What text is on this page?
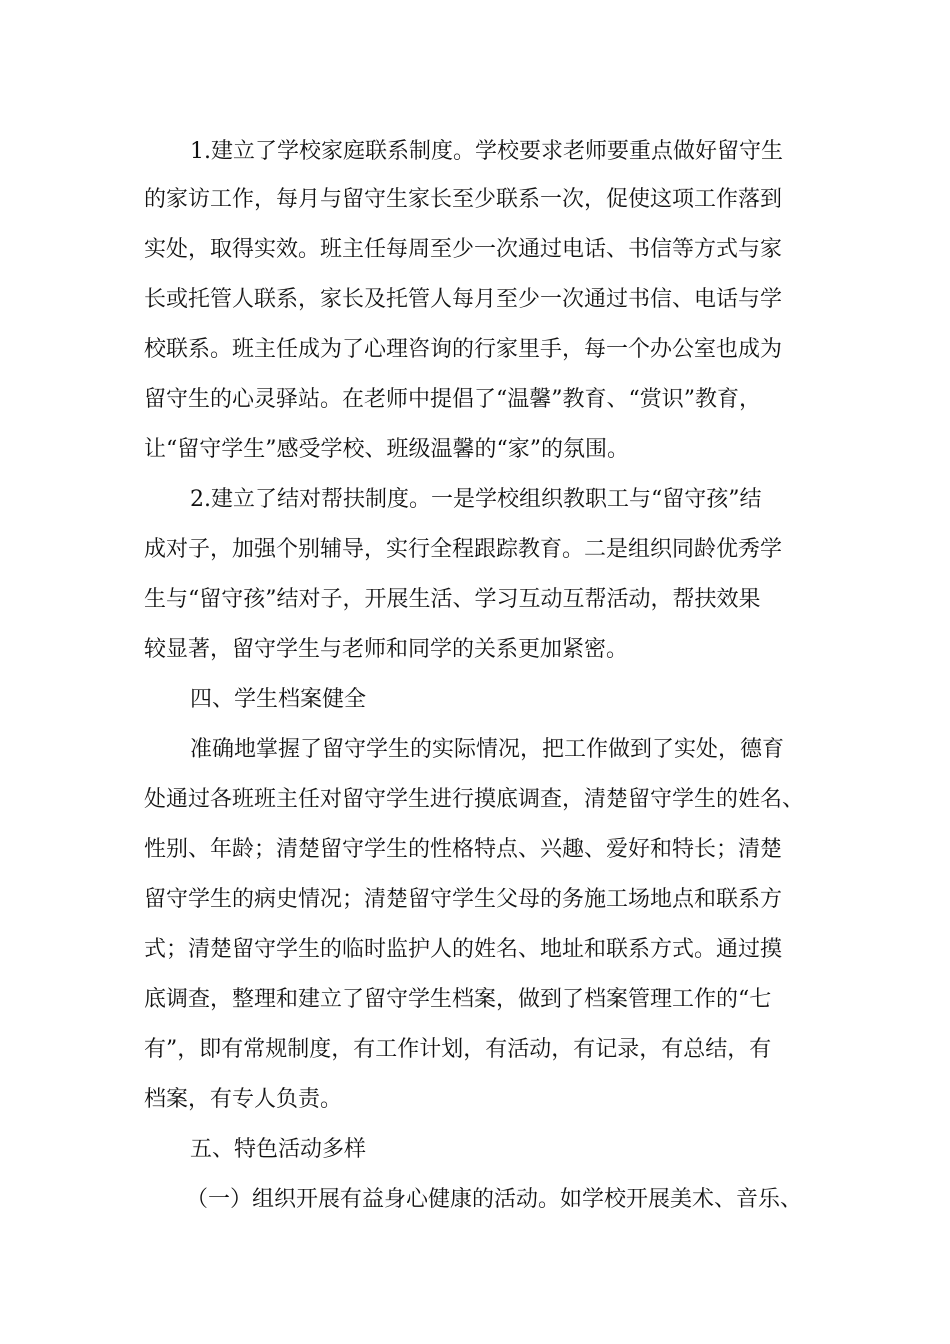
1.建立了学校家庭联系制度。学校要求老师要重点做好留守生
的家访工作，每月与留守生家长至少联系一次，促使这项工作落到
实处，取得实效。班主任每周至少一次通过电话、书信等方式与家
长或托管人联系，家长及托管人每月至少一次通过书信、电话与学
校联系。班主任成为了心理咨询的行家里手，每一个办公室也成为
留守生的心灵驿站。在老师中提倡了“温馨”教育、“赏识”教育，
让“留守学生”感受学校、班级温馨的“家”的氛围。
2.建立了结对帮扶制度。一是学校组织教职工与“留守孩”结
成对子，加强个别辅导，实行全程跟踪教育。二是组织同龄优秀学
生与“留守孩”结对子，开展生活、学习互动互帮活动，帮扶效果
较显著，留守学生与老师和同学的关系更加紧密。
四、学生档案健全
准确地掌握了留守学生的实际情况，把工作做到了实处，德育
处通过各班班主任对留守学生进行摸底调查，清楚留守学生的姓名、
性别、年龄；清楚留守学生的性格特点、兴趣、爱好和特长；清楚
留守学生的病史情况；清楚留守学生父母的务施工场地点和联系方
式；清楚留守学生的临时监护人的姓名、地址和联系方式。通过摸
底调查，整理和建立了留守学生档案，做到了档案管理工作的“七
有”，即有常规制度，有工作计划，有活动，有记录，有总结，有
档案，有专人负责。
五、特色活动多样
（一）组织开展有益身心健康的活动。如学校开展美术、音乐、
